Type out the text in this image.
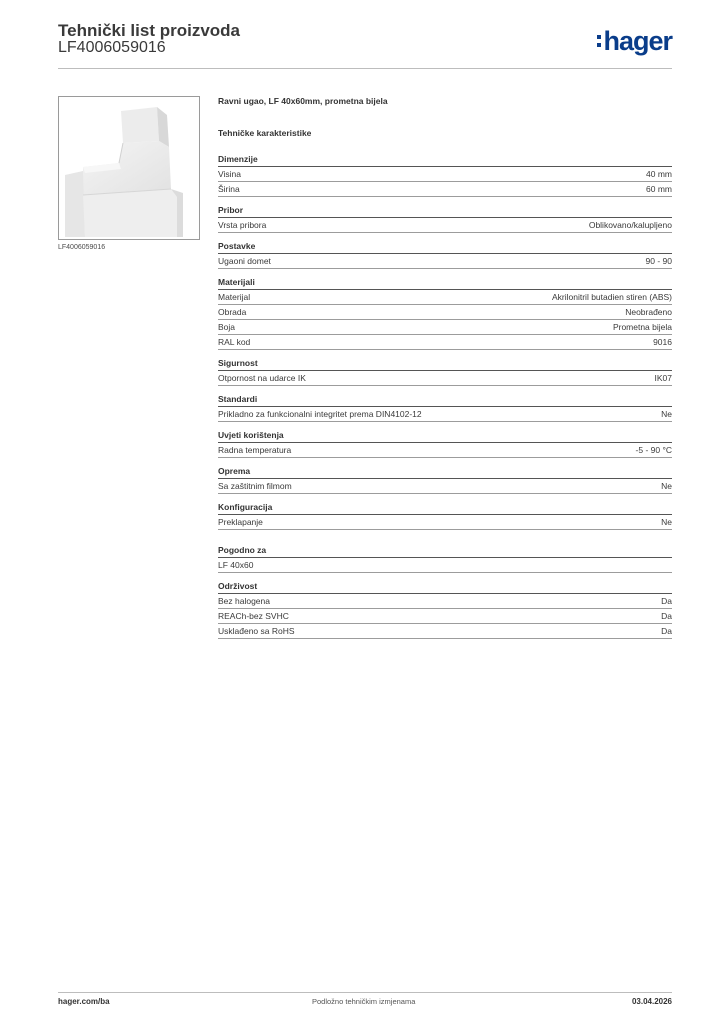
Tehnički list proizvoda
LF4006059016	hager
LF4006059016
Ravni ugao, LF 40x60mm, prometna bijela
Tehničke karakteristike
Dimenzije
Visina	40 mm
Širina	60 mm
Pribor
Vrsta pribora	Oblikovano/kalupljeno
Postavke
Ugaoni domet	90 - 90
Materijali
Materijal	Akrilonitril butadien stiren (ABS)
Obrada	Neobrađeno
Boja	Prometna bijela
RAL kod	9016
Sigurnost
Otpornost na udarce IK	IK07
Standardi
Prikladno za funkcionalni integritet prema DIN4102-12	Ne
Uvjeti korištenja
Radna temperatura	-5 - 90 °C
Oprema
Sa zaštitnim filmom	Ne
Konfiguracija
Preklapanje	Ne
Pogodno za
LF 40x60
Održivost
Bez halogena	Da
REACh-bez SVHC	Da
Usklađeno sa RoHS	Da
hager.com/ba	Podložno tehničkim izmjenama	03.04.2026
